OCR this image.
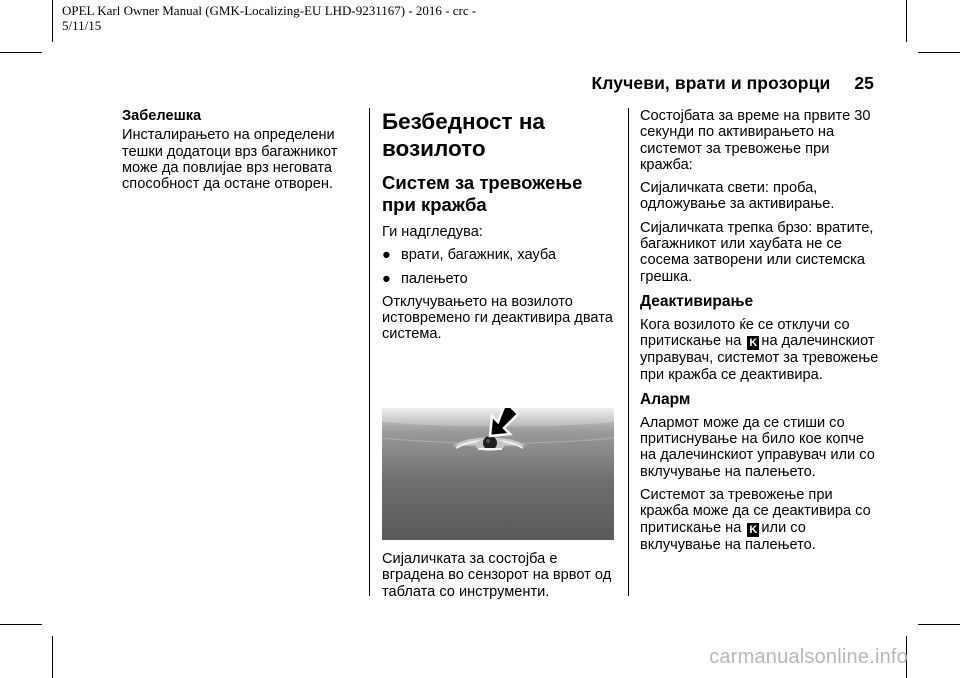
OPEL Karl Owner Manual (GMK-Localizing-EU LHD-9231167) - 2016 - crc -
5/11/15
Клучеви, врати и прозорци 25

Забелешка

Инсталирањето на определени тешки додатоци врз багажникот може да повлијае врз неговата способност да остане отворен.

Безбедност на возилото
Систем за тревожење при кражба

Ги надгледува:

● врати, багажник, хауба
● палењето

Отклучувањето на возилото истовремено ги деактивира двата система.

Сијаличката за состојба е вградена во сензорот на врвот од таблата со инструменти.

Состојбата за време на првите 30 секунди по активирањето на системот за тревожење при кражба:

Сијаличката свети: проба, одложување за активирање.

Сијаличката трепка брзо: вратите, багажникот или хаубата не се сосема затворени или системска грешка.

Деактивирање

Кога возилото ќе се отклучи со притискање на K на далечинскиот управувач, системот за тревожење при кражба се деактивира.

Аларм

Алармот може да се стиши со притиснување на било кое копче на далечинскиот управувач или со вклучување на палењето.

Системот за тревожење при кражба може да се деактивира со притискање на K или со вклучување на палењето.

carmanualsonline.info
